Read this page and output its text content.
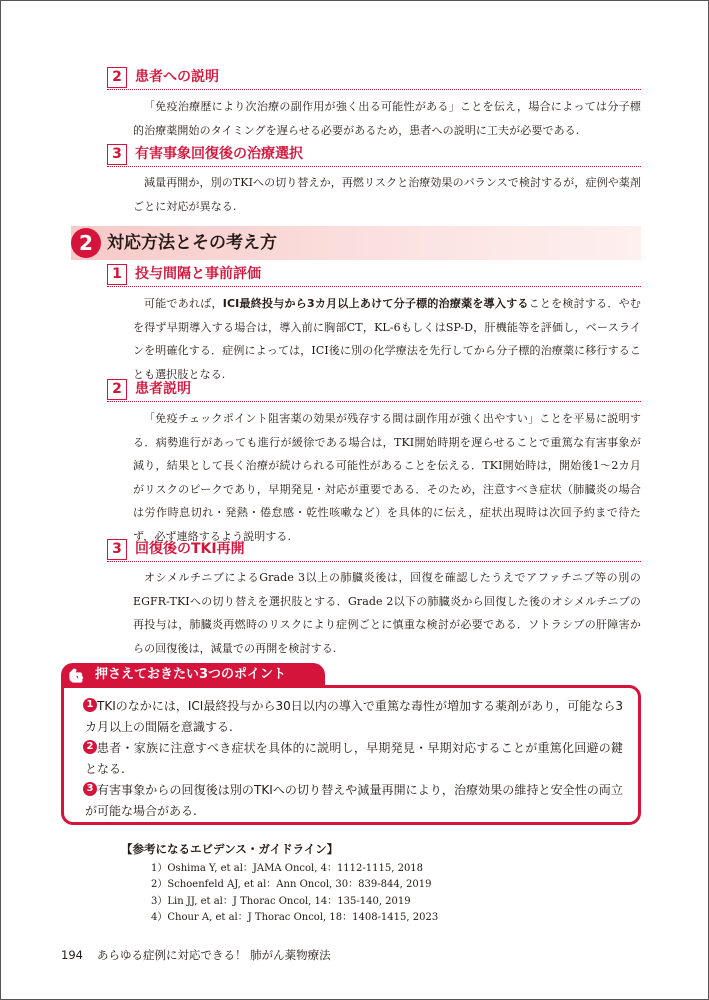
2 患者への説明

「免疫治療歴により次治療の副作用が強く出る可能性がある」ことを伝え，場合によっては分子標的治療薬開始のタイミングを遅らせる必要があるため，患者への説明に工夫が必要である.

3 有害事象回復後の治療選択

減量再開か，別のTKIへの切り替えか，再燃リスクと治療効果のバランスで検討するが，症例や薬剤ごとに対応が異なる.

2 対応方法とその考え方
1 投与間隔と事前評価

可能であれば，ICI最終投与から3カ月以上あけて分子標的治療薬を導入することを検討する．やむを得ず早期導入する場合は，導入前に胸部CT，KL-6もしくはSP-D，肝機能等を評価し，ベースラインを明確化する．症例によっては，ICI後に別の化学療法を先行してから分子標的治療薬に移行することも選択肢となる.

2 患者説明

「免疫チェックポイント阻害薬の効果が残存する間は副作用が強く出やすい」ことを平易に説明する．病勢進行があっても進行が緩徐である場合は，TKI開始時期を遅らせることで重篤な有害事象が減り，結果として長く治療が続けられる可能性があることを伝える．TKI開始時は，開始後1～2カ月がリスクのピークであり，早期発見・対応が重要である．そのため，注意すべき症状（肺臓炎の場合は労作時息切れ・発熱・倦怠感・乾性咳嗽など）を具体的に伝え，症状出現時は次回予約まで待たず，必ず連絡するよう説明する.

3 回復後のTKI再開

オシメルチニブによるGrade 3以上の肺臓炎後は，回復を確認したうえでアファチニブ等の別のEGFR-TKIへの切り替えを選択肢とする．Grade 2以下の肺臓炎から回復した後のオシメルチニブの再投与は，肺臓炎再燃時のリスクにより症例ごとに慎重な検討が必要である．ソトラシブの肝障害からの回復後は，減量での再開を検討する.

押さえておきたい3つのポイント
1 TKIのなかには，ICI最終投与から30日以内の導入で重篤な毒性が増加する薬剤があり，可能なら3カ月以上の間隔を意識する.
2 患者・家族に注意すべき症状を具体的に説明し，早期発見・早期対応することが重篤化回避の鍵となる.
3 有害事象からの回復後は別のTKIへの切り替えや減量再開により，治療効果の維持と安全性の両立が可能な場合がある.
【参考になるエビデンス・ガイドライン】
1）Oshima Y, et al：JAMA Oncol, 4：1112-1115, 2018
2）Schoenfeld AJ, et al：Ann Oncol, 30：839-844, 2019
3）Lin JJ, et al：J Thorac Oncol, 14：135-140, 2019
4）Chour A, et al：J Thorac Oncol, 18：1408-1415, 2023
194 あらゆる症例に対応できる！ 肺がん薬物療法
